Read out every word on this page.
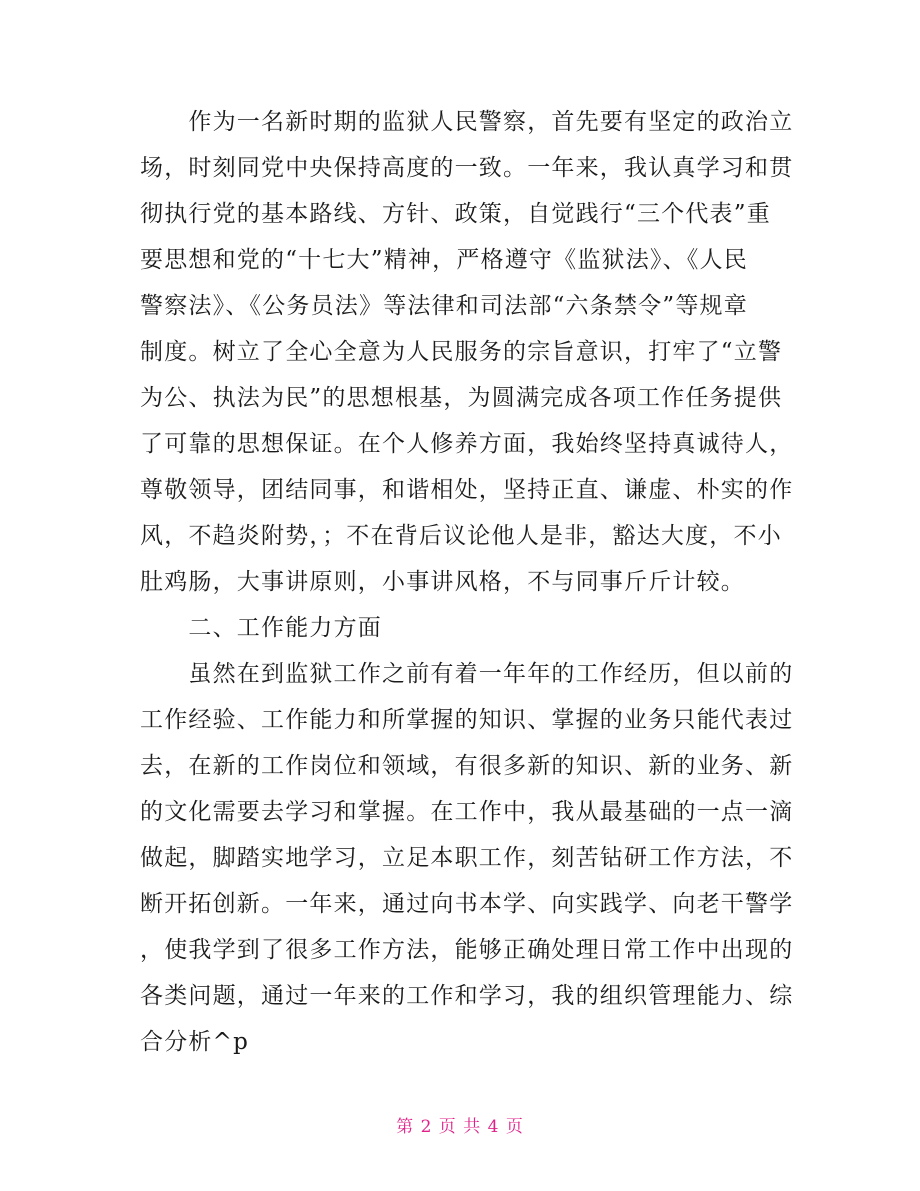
　　作为一名新时期的监狱人民警察，首先要有坚定的政治立
场，时刻同党中央保持高度的一致。一年来，我认真学习和贯
彻执行党的基本路线、方针、政策，自觉践行“三个代表”重
要思想和党的“十七大”精神，严格遵守《监狱法》、《人民
警察法》、《公务员法》等法律和司法部“六条禁令”等规章
制度。树立了全心全意为人民服务的宗旨意识，打牢了“立警
为公、执法为民”的思想根基，为圆满完成各项工作任务提供
了可靠的思想保证。在个人修养方面，我始终坚持真诚待人，
尊敬领导，团结同事，和谐相处，坚持正直、谦虚、朴实的作
风，不趋炎附势，；不在背后议论他人是非，豁达大度，不小
肚鸡肠，大事讲原则，小事讲风格，不与同事斤斤计较。
　　二、工作能力方面
　　虽然在到监狱工作之前有着一年年的工作经历，但以前的
工作经验、工作能力和所掌握的知识、掌握的业务只能代表过
去，在新的工作岗位和领域，有很多新的知识、新的业务、新
的文化需要去学习和掌握。在工作中，我从最基础的一点一滴
做起，脚踏实地学习，立足本职工作，刻苦钻研工作方法，不
断开拓创新。一年来，通过向书本学、向实践学、向老干警学
，使我学到了很多工作方法，能够正确处理日常工作中出现的
各类问题，通过一年来的工作和学习，我的组织管理能力、综
合分析^p
第 2 页 共 4 页
